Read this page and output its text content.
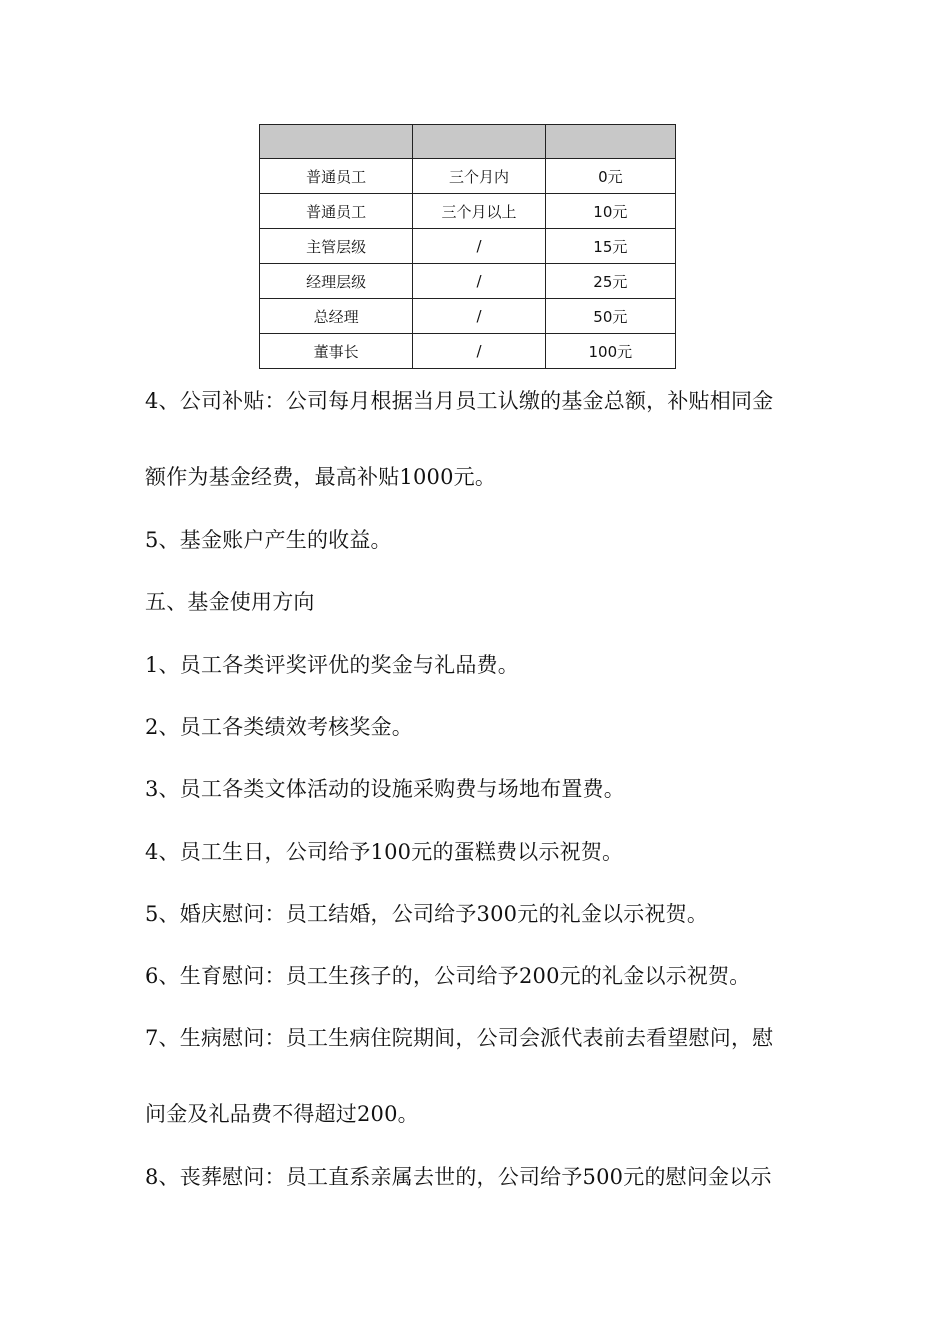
普通员工	三个月内	0元
普通员工	三个月以上	10元
主管层级	/	15元
经理层级	/	25元
总经理	/	50元
董事长	/	100元

4、公司补贴：公司每月根据当月员工认缴的基金总额，补贴相同金

额作为基金经费，最高补贴1000元。

5、基金账户产生的收益。

五、基金使用方向

1、员工各类评奖评优的奖金与礼品费。

2、员工各类绩效考核奖金。

3、员工各类文体活动的设施采购费与场地布置费。

4、员工生日，公司给予100元的蛋糕费以示祝贺。

5、婚庆慰问：员工结婚，公司给予300元的礼金以示祝贺。

6、生育慰问：员工生孩子的，公司给予200元的礼金以示祝贺。

7、生病慰问：员工生病住院期间，公司会派代表前去看望慰问，慰

问金及礼品费不得超过200。

8、丧葬慰问：员工直系亲属去世的，公司给予500元的慰问金以示
